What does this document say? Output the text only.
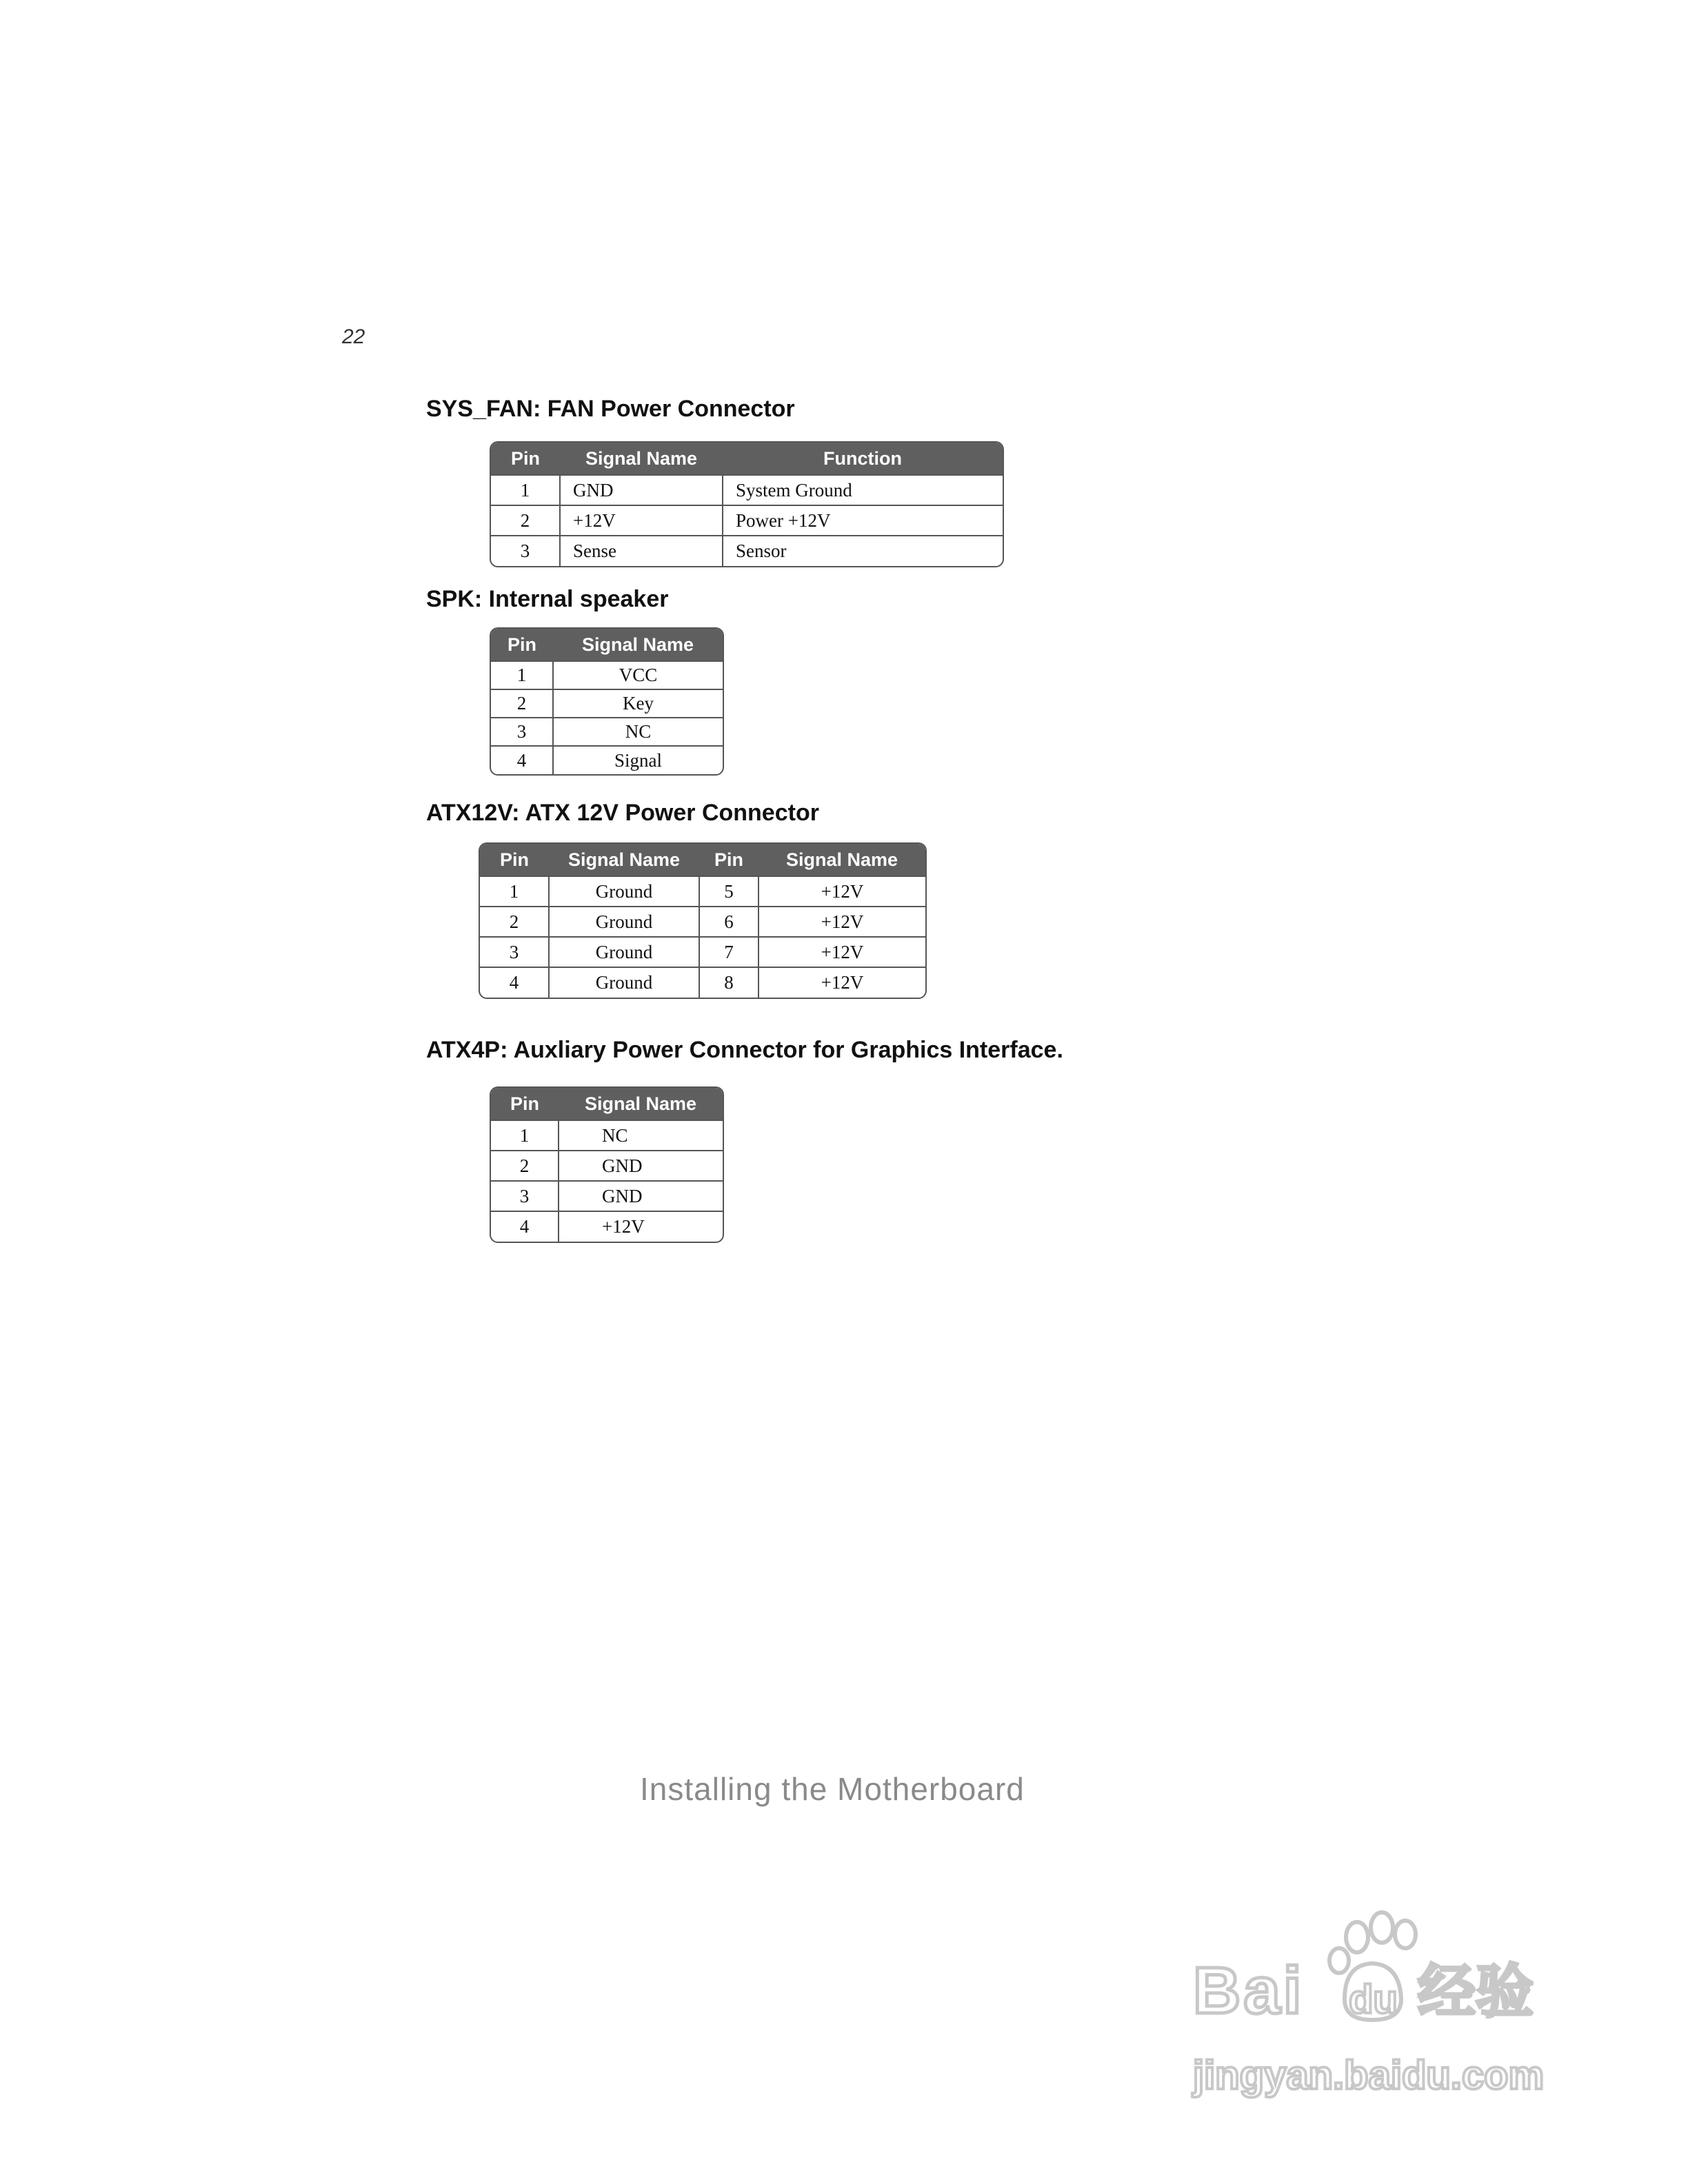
22
SYS_FAN: FAN Power Connector
Pin	Signal Name	Function
1	GND	System Ground
2	+12V	Power +12V
3	Sense	Sensor
SPK: Internal speaker
Pin	Signal Name
1	VCC
2	Key
3	NC
4	Signal
ATX12V: ATX 12V Power Connector
Pin	Signal Name	Pin	Signal Name
1	Ground	5	+12V
2	Ground	6	+12V
3	Ground	7	+12V
4	Ground	8	+12V
ATX4P: Auxliary Power Connector for Graphics Interface.
Pin	Signal Name
1	NC
2	GND
3	GND
4	+12V
Installing the Motherboard
Bai du 经验
jingyan.baidu.com
